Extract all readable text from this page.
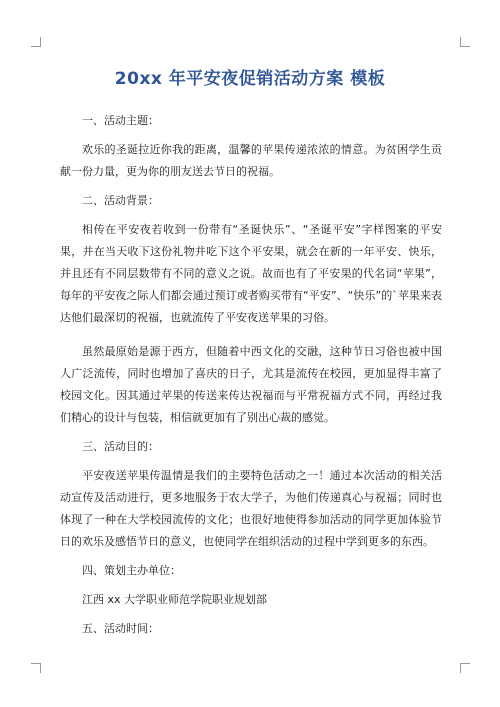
20xx 年平安夜促销活动方案 模板

一、活动主题：

欢乐的圣诞拉近你我的距离，温馨的苹果传递浓浓的情意。为贫困学生贡献一份力量，更为你的朋友送去节日的祝福。

二、活动背景：

相传在平安夜若收到一份带有“圣诞快乐”、“圣诞平安”字样图案的平安果，并在当天收下这份礼物并吃下这个平安果，就会在新的一年平安、快乐，并且还有不同层数带有不同的意义之说。故而也有了平安果的代名词“苹果”，每年的平安夜之际人们都会通过预订或者购买带有“平安”、“快乐”的`苹果来表达他们最深切的祝福，也就流传了平安夜送苹果的习俗。

虽然最原始是源于西方，但随着中西文化的交融，这种节日习俗也被中国人广泛流传，同时也增加了喜庆的日子，尤其是流传在校园，更加显得丰富了校园文化。因其通过苹果的传送来传达祝福而与平常祝福方式不同，再经过我们精心的设计与包装，相信就更加有了别出心裁的感觉。

三、活动目的：

平安夜送苹果传温情是我们的主要特色活动之一！通过本次活动的相关活动宣传及活动进行，更多地服务于农大学子，为他们传递真心与祝福；同时也体现了一种在大学校园流传的文化；也很好地使得参加活动的同学更加体验节日的欢乐及感悟节日的意义，也使同学在组织活动的过程中学到更多的东西。

四、策划主办单位：

江西 xx 大学职业师范学院职业规划部

五、活动时间：
